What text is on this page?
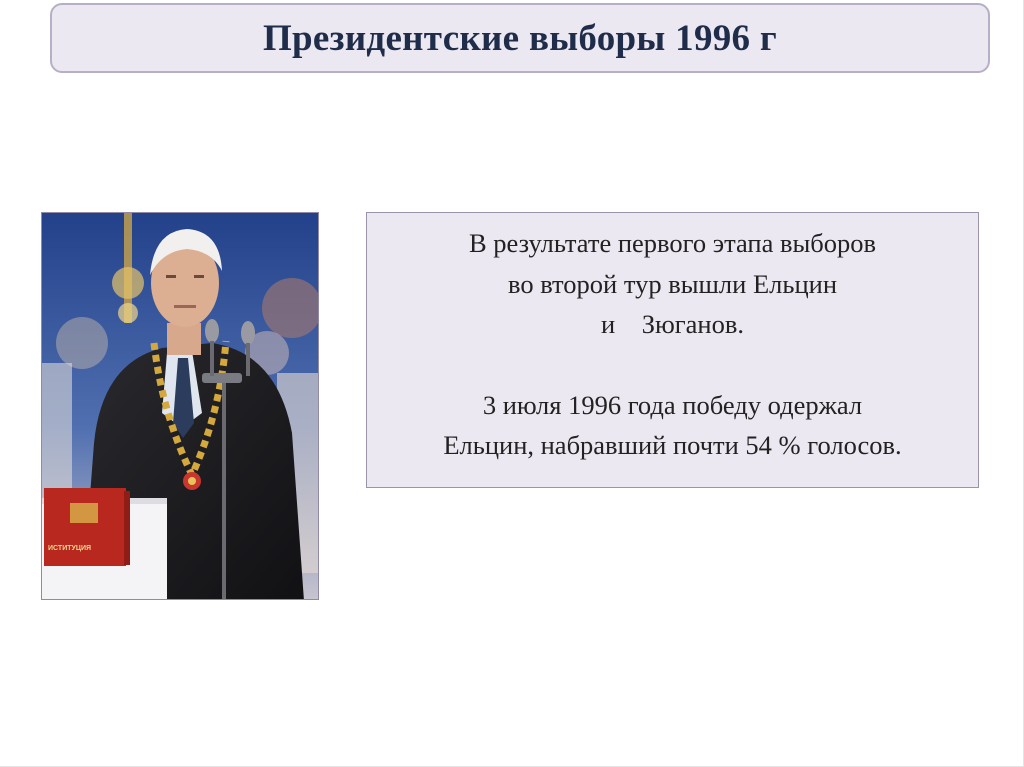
Президентские выборы 1996 г
ИСТИТУЦИЯ
В результате первого этапа выборов
во второй тур вышли Ельцин
и    Зюганов.
3 июля 1996 года победу одержал
Ельцин, набравший почти 54 % голосов.
